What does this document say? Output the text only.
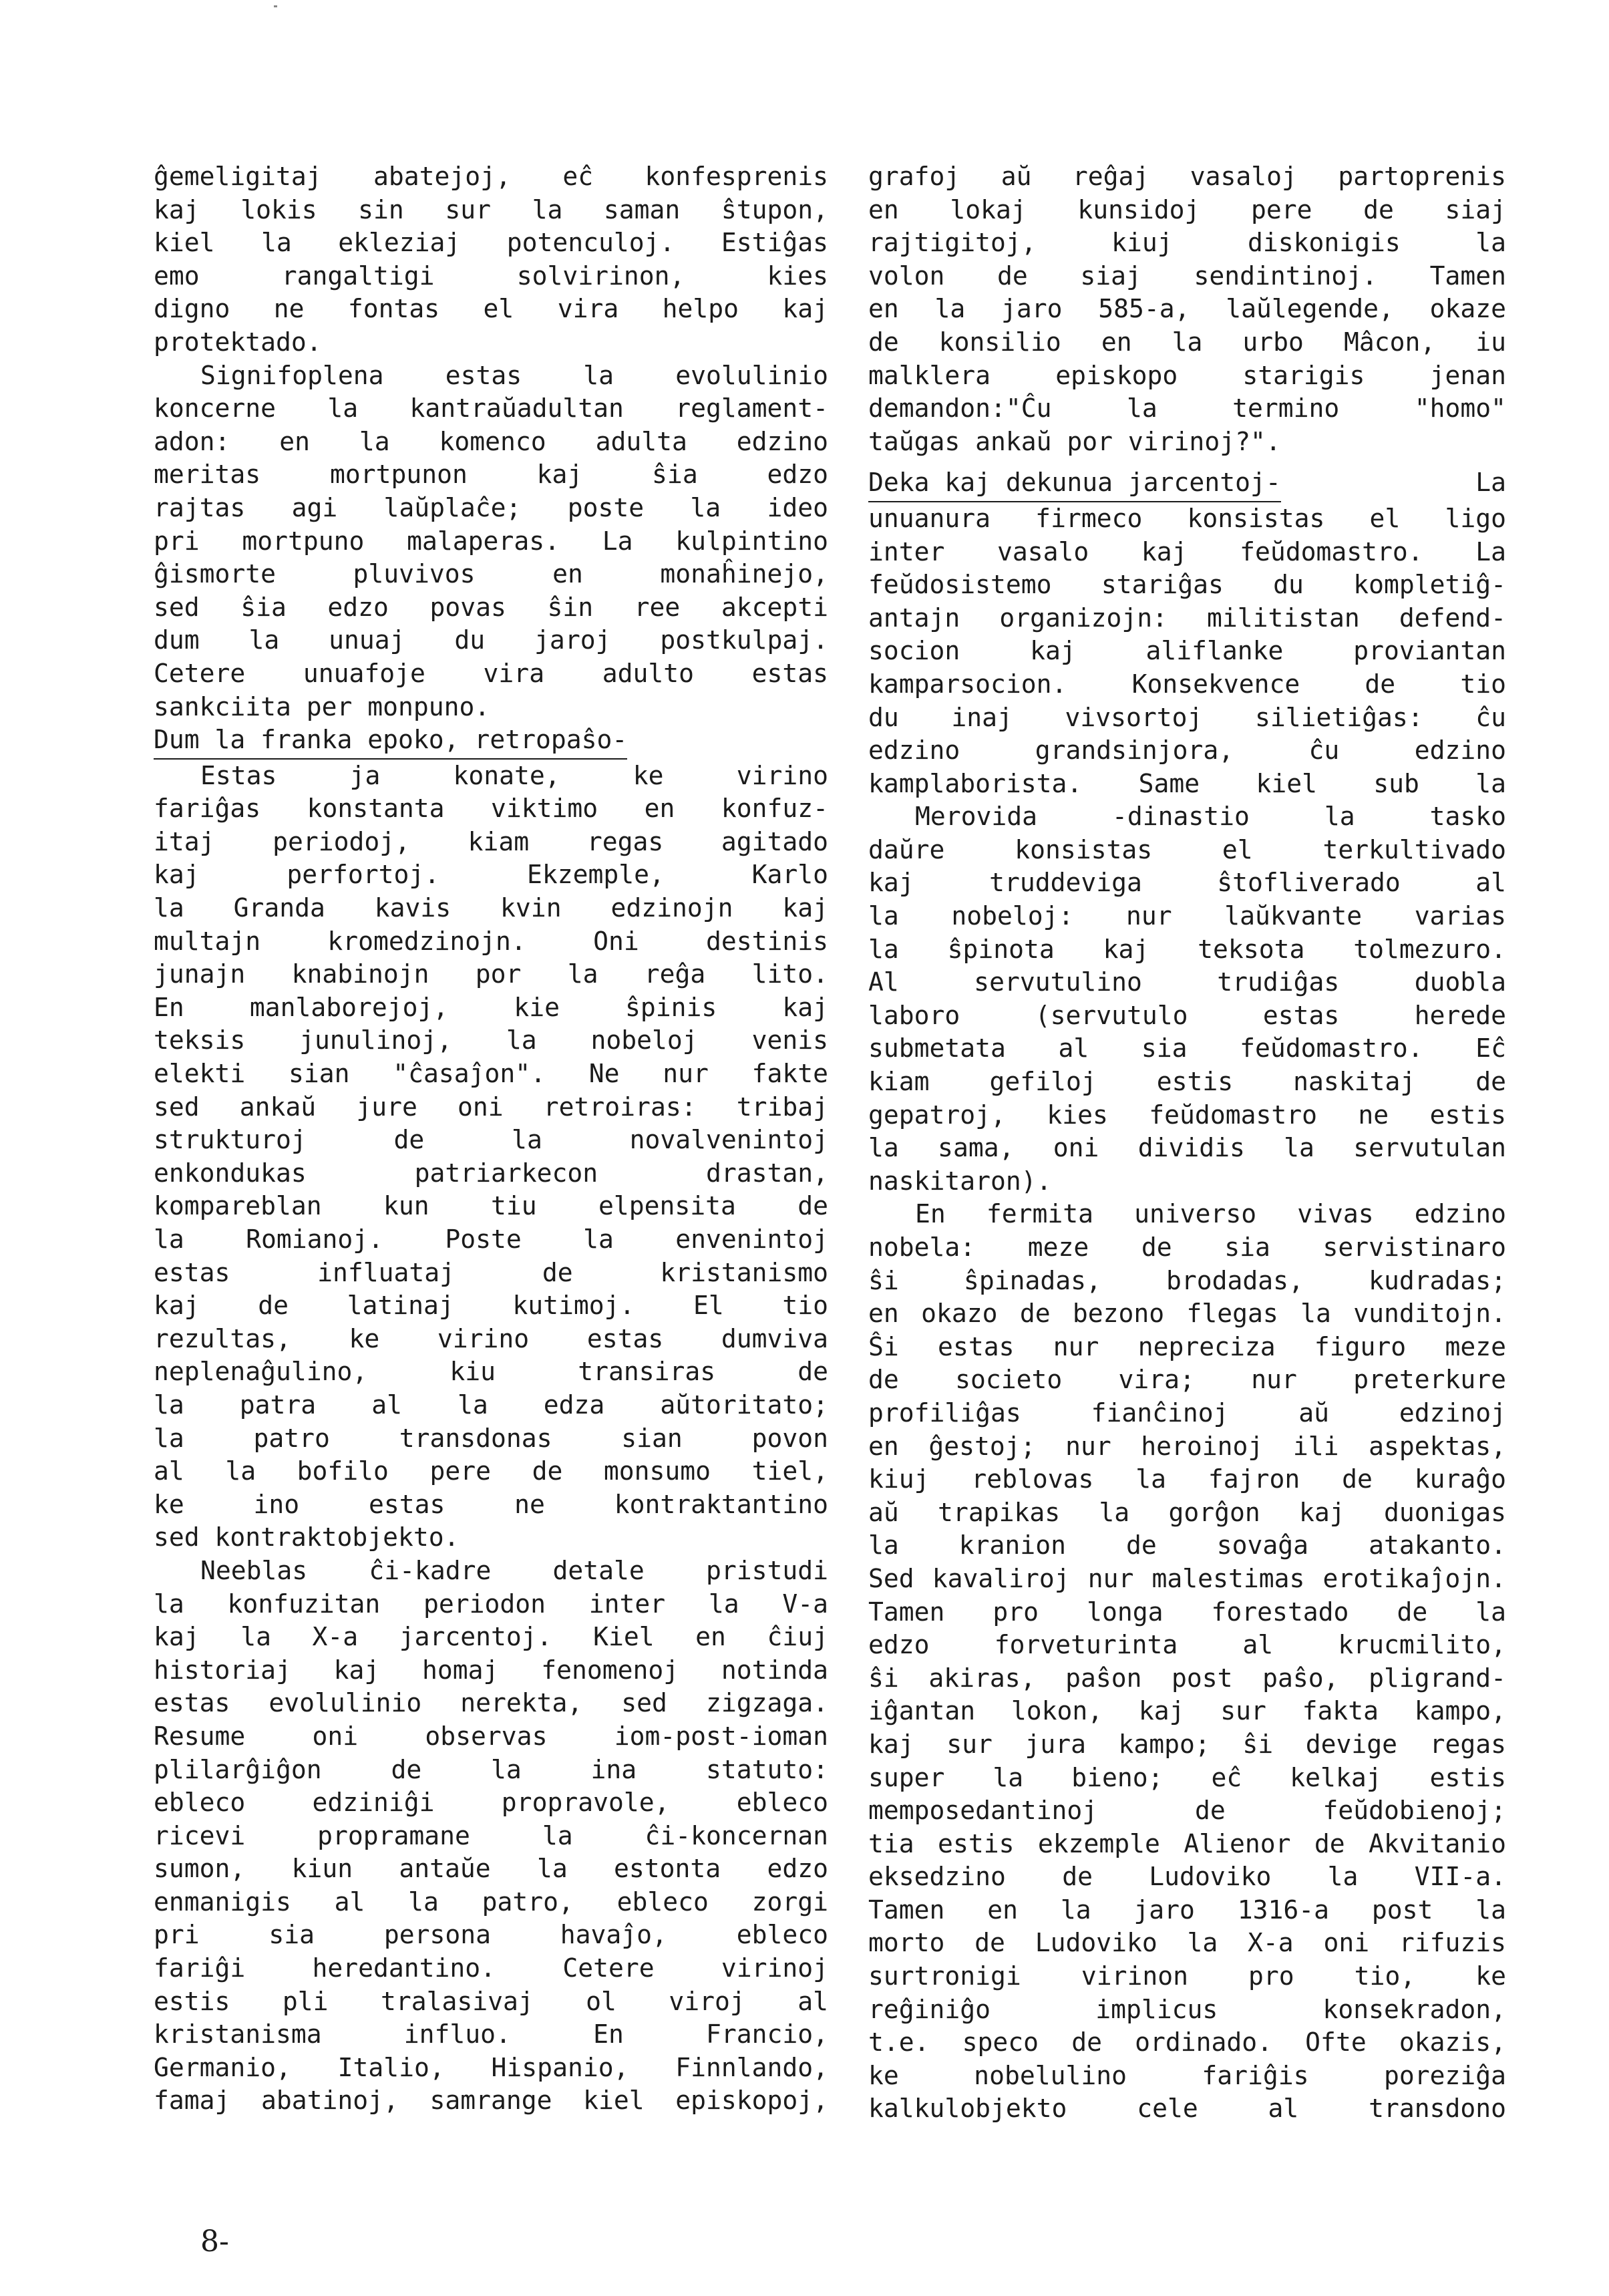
ĝemeligitaj abatejoj, eĉ konfesprenis
kaj lokis sin sur la saman ŝtupon,
kiel la ekleziaj potenculoj. Estiĝas
emo rangaltigi solvirinon, kies
digno ne fontas el vira helpo kaj
protektado.

Signifoplena estas la evolulinio
koncerne la kantraŭadultan reglament-
adon: en la komenco adulta edzino
meritas mortpunon kaj ŝia edzo
rajtas agi laŭplaĉe; poste la ideo
pri mortpuno malaperas. La kulpintino
ĝismorte pluvivos en monaĥinejo,
sed ŝia edzo povas ŝin ree akcepti
dum la unuaj du jaroj postkulpaj.
Cetere unuafoje vira adulto estas
sankciita per monpuno.

Dum la franka epoko, retropaŝo-

Estas ja konate, ke virino
fariĝas konstanta viktimo en konfuz-
itaj periodoj, kiam regas agitado
kaj perfortoj. Ekzemple, Karlo
la Granda kavis kvin edzinojn kaj
multajn kromedzinojn. Oni destinis
junajn knabinojn por la reĝa lito.
En manlaborejoj, kie ŝpinis kaj
teksis junulinoj, la nobeloj venis
elekti sian "ĉasaĵon". Ne nur fakte
sed ankaŭ jure oni retroiras: tribaj
strukturoj de la novalvenintoj
enkondukas patriarkecon drastan,
kompareblan kun tiu elpensita de
la Romianoj. Poste la envenintoj
estas influataj de kristanismo
kaj de latinaj kutimoj. El tio
rezultas, ke virino estas dumviva
neplenaĝulino, kiu transiras de
la patra al la edza aŭtoritato;
la patro transdonas sian povon
al la bofilo pere de monsumo tiel,
ke ino estas ne kontraktantino
sed kontraktobjekto.

Neeblas ĉi-kadre detale pristudi
la konfuzitan periodon inter la V-a
kaj la X-a jarcentoj. Kiel en ĉiuj
historiaj kaj homaj fenomenoj notinda
estas evolulinio nerekta, sed zigzaga.
Resume oni observas iom-post-ioman
plilarĝiĝon de la ina statuto:
ebleco edziniĝi propravole, ebleco
ricevi propramane la ĉi-koncernan
sumon, kiun antaŭe la estonta edzo
enmanigis al la patro, ebleco zorgi
pri sia persona havaĵo, ebleco
fariĝi heredantino. Cetere virinoj
estis pli tralasivaj ol viroj al
kristanisma influo. En Francio,
Germanio, Italio, Hispanio, Finnlando,
famaj abatinoj, samrange kiel episkopoj,

grafoj aŭ reĝaj vasaloj partoprenis
en lokaj kunsidoj pere de siaj
rajtigitoj, kiuj diskonigis la
volon de siaj sendintinoj. Tamen
en la jaro 585-a, laŭlegende, okaze
de konsilio en la urbo Mâcon, iu
malklera episkopo starigis jenan
demandon:"Ĉu la termino "homo"
taŭgas ankaŭ por virinoj?".

Deka kaj dekunua jarcentoj-	La

unuanura firmeco konsistas el ligo
inter vasalo kaj feŭdomastro. La
feŭdosistemo stariĝas du kompletiĝ-
antajn organizojn: militistan defend-
socion kaj aliflanke proviantan
kamparsocion. Konsekvence de tio
du inaj vivsortoj silietiĝas: ĉu
edzino grandsinjora, ĉu edzino
kamplaboristа. Same kiel sub la

Merovida -dinastio la tasko
daŭre konsistas el terkultivado
kaj truddeviga ŝtofliverado al
la nobeloj: nur laŭkvante varias
la ŝpinota kaj teksota tolmezuro.
Al servutulino trudiĝas duobla
laboro (servutulo estas herede
submetata al sia feŭdomastro. Eĉ
kiam gefiloj estis naskitaj de
gepatroj, kies feŭdomastro ne estis
la sama, oni dividis la servutulan
naskitaron).

En fermita universo vivas edzino
nobela: meze de sia servistinaro
ŝi ŝpinadas, brodadas, kudradas;
en okazo de bezono flegas la vunditojn.
Ŝi estas nur nepreciza figuro meze
de societo vira; nur preterkure
profiliĝas fianĉinoj aŭ edzinoj
en ĝestoj; nur heroinoj ili aspektas,
kiuj reblovas la fajron de kuraĝo
aŭ trapikas la gorĝon kaj duonigas
la kranion de sovaĝa atakanto.
Sed kavaliroj nur malestimas erotikaĵojn.
Tamen pro longa forestado de la
edzo forveturinta al krucmilito,
ŝi akiras, paŝon post paŝo, pligrand-
iĝantan lokon, kaj sur fakta kampo,
kaj sur jura kampo; ŝi devige regas
super la bieno; eĉ kelkaj estis
memposedantinoj de feŭdobienoj;
tia estis ekzemple Alienor de Akvitanio
eksedzino de Ludoviko la VII-a.
Tamen en la jaro 1316-a post la
morto de Ludoviko la X-a oni rifuzis
surtronigi virinon pro tio, ke
reĝiniĝo implicus konsekradon,
t.e. speco de ordinado. Ofte okazis,
ke nobelulino fariĝis poreziĝa
kalkulobjekto cele al transdono

8-
